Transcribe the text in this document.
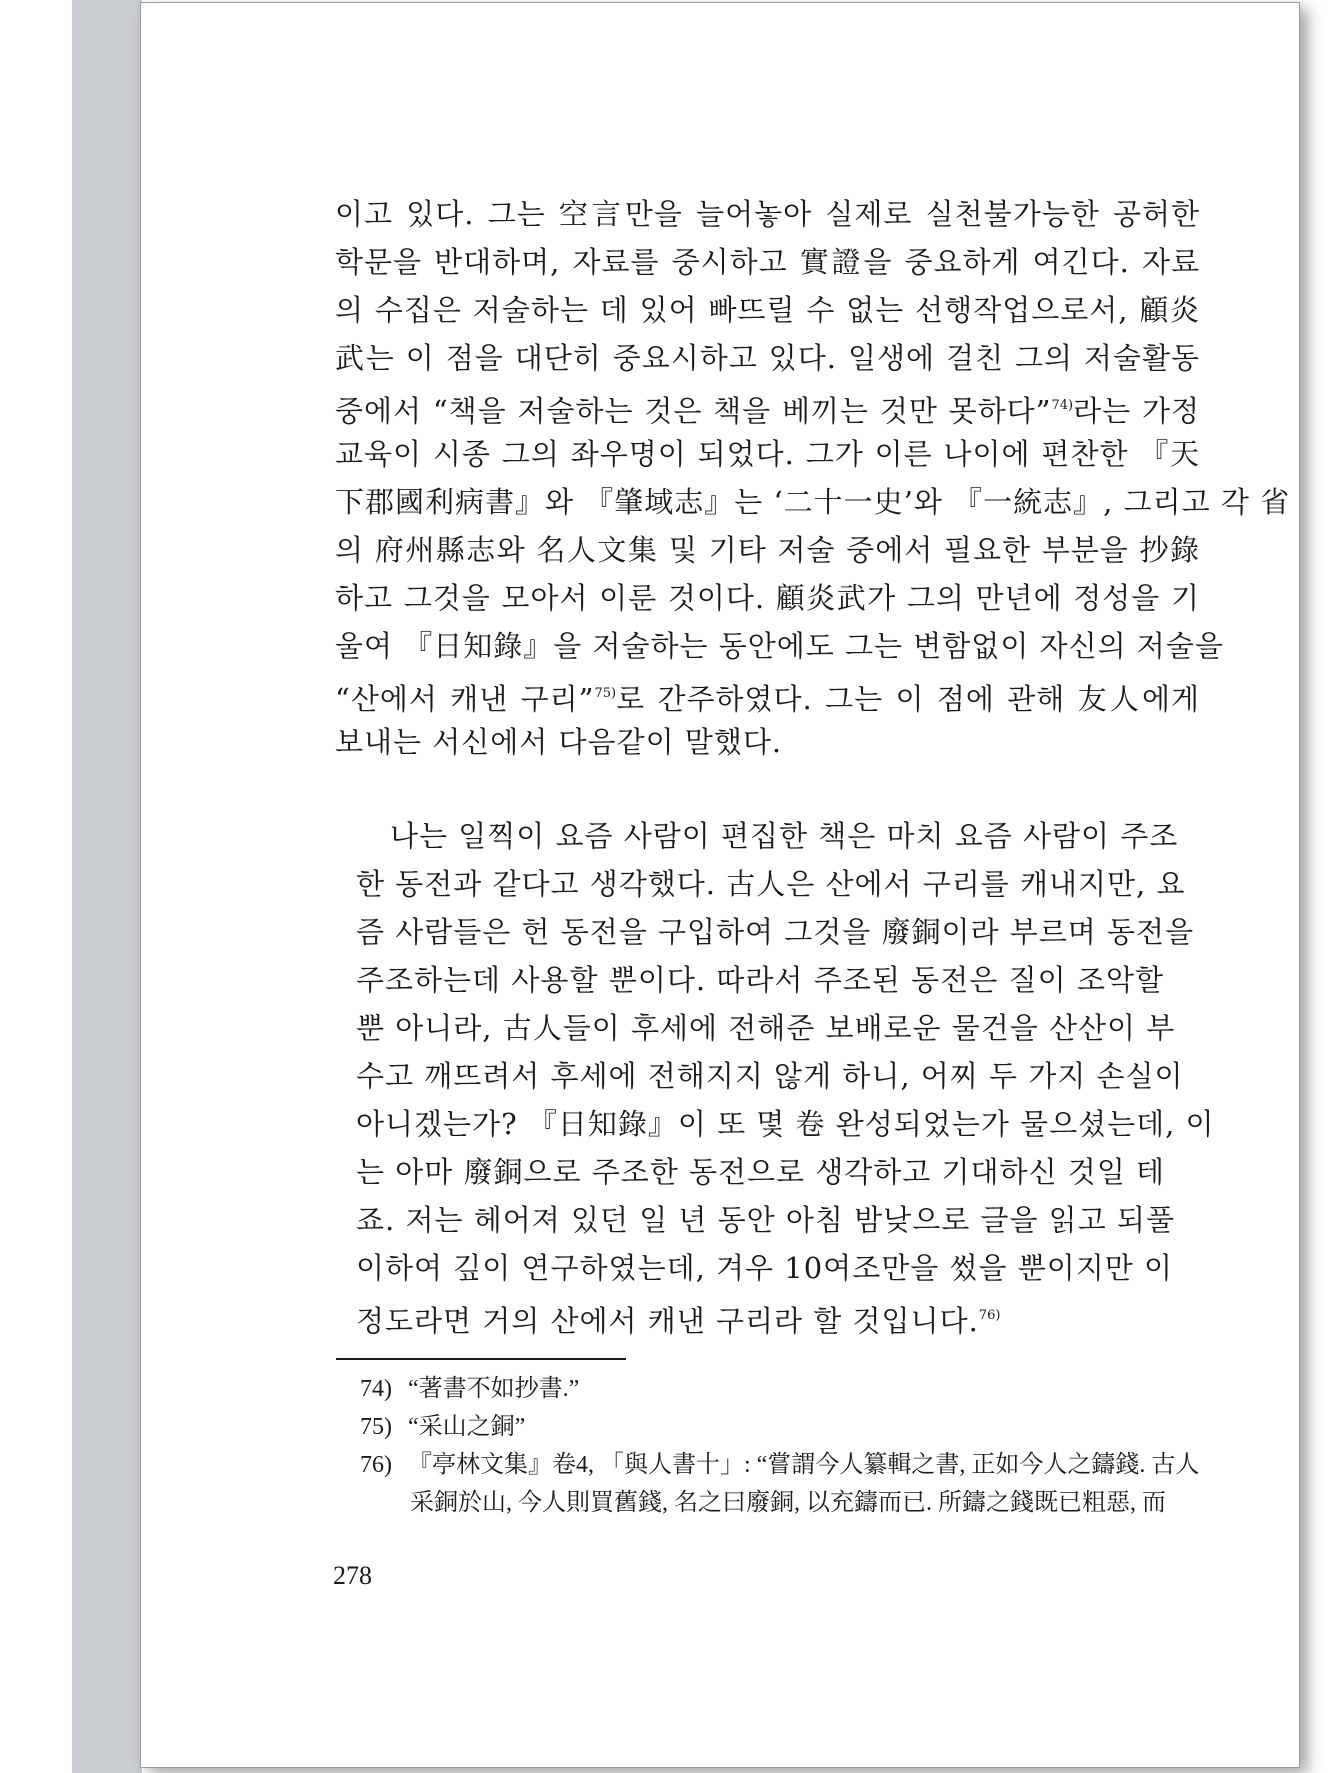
이고 있다. 그는 空言만을 늘어놓아 실제로 실천불가능한 공허한
학문을 반대하며, 자료를 중시하고 實證을 중요하게 여긴다. 자료
의 수집은 저술하는 데 있어 빠뜨릴 수 없는 선행작업으로서, 顧炎
武는 이 점을 대단히 중요시하고 있다. 일생에 걸친 그의 저술활동
중에서 “책을 저술하는 것은 책을 베끼는 것만 못하다”$^{74)}$라는 가정
교육이 시종 그의 좌우명이 되었다. 그가 이른 나이에 편찬한 『天
下郡國利病書』와 『肇域志』는 ‘二十一史’와 『一統志』, 그리고 각 省
의 府州縣志와 名人文集 및 기타 저술 중에서 필요한 부분을 抄錄
하고 그것을 모아서 이룬 것이다. 顧炎武가 그의 만년에 정성을 기
울여 『日知錄』을 저술하는 동안에도 그는 변함없이 자신의 저술을
“산에서 캐낸 구리”$^{75)}$로 간주하였다. 그는 이 점에 관해 友人에게
보내는 서신에서 다음같이 말했다.
나는 일찍이 요즘 사람이 편집한 책은 마치 요즘 사람이 주조
한 동전과 같다고 생각했다. 古人은 산에서 구리를 캐내지만, 요
즘 사람들은 헌 동전을 구입하여 그것을 廢銅이라 부르며 동전을
주조하는데 사용할 뿐이다. 따라서 주조된 동전은 질이 조악할
뿐 아니라, 古人들이 후세에 전해준 보배로운 물건을 산산이 부
수고 깨뜨려서 후세에 전해지지 않게 하니, 어찌 두 가지 손실이
아니겠는가? 『日知錄』이 또 몇 卷 완성되었는가 물으셨는데, 이
는 아마 廢銅으로 주조한 동전으로 생각하고 기대하신 것일 테
죠. 저는 헤어져 있던 일 년 동안 아침 밤낮으로 글을 읽고 되풀
이하여 깊이 연구하였는데, 겨우 10여조만을 썼을 뿐이지만 이
정도라면 거의 산에서 캐낸 구리라 할 것입니다.$^{76)}$
74) “著書不如抄書.”
75) “采山之銅”
76) 『亭林文集』卷4, 「與人書十」: “嘗謂今人纂輯之書, 正如今人之鑄錢. 古人
采銅於山, 今人則買舊錢, 名之曰廢銅, 以充鑄而已. 所鑄之錢既已粗惡, 而
278
